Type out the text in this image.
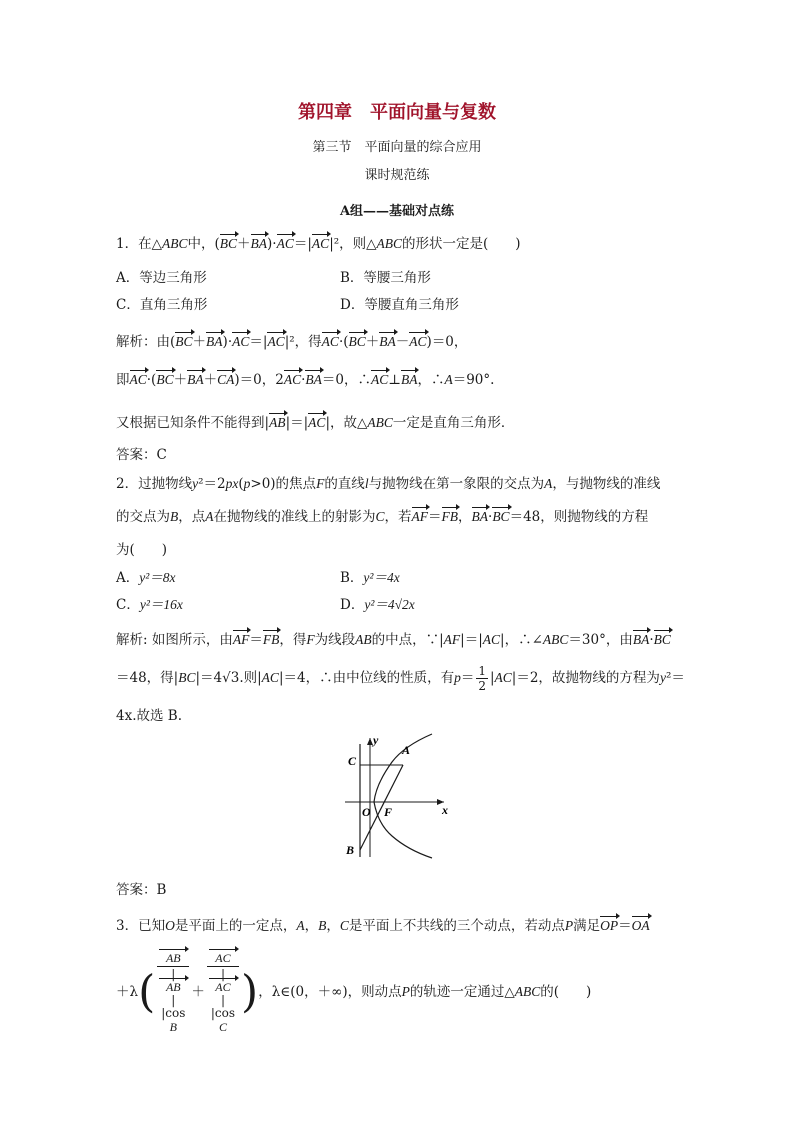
第四章　平面向量与复数
第三节　平面向量的综合应用
课时规范练
A组——基础对点练
1．在△ABC中，(BC＋BA)·AC＝|AC|²，则△ABC的形状一定是(　　)
A．等边三角形	B．等腰三角形
C．直角三角形	D．等腰直角三角形
解析：由(BC＋BA)·AC＝|AC|²，得AC·(BC＋BA－AC)＝0，
即AC·(BC＋BA＋CA)＝0，2AC·BA＝0，∴AC⊥BA，∴A＝90°.
又根据已知条件不能得到|AB|＝|AC|，故△ABC一定是直角三角形．
答案：C
2．过抛物线y²＝2px(p>0)的焦点F的直线l与抛物线在第一象限的交点为A，与抛物线的准线
的交点为B，点A在抛物线的准线上的射影为C，若AF＝FB，BA·BC＝48，则抛物线的方程
为(　　)
A．y²＝8x	B．y²＝4x
C．y²＝16x	D．y²＝4√2x
解析: 如图所示，由AF＝FB，得F为线段AB的中点，∵|AF|＝|AC|，∴∠ABC＝30°，由BA·BC
＝48，得|BC|＝4√3.则|AC|＝4，∴由中位线的性质，有$p= \frac{1}{2} |AC|=2$，故抛物线的方程为y²＝
4x.故选 B.
C
y
A
O F	x
B
答案：B
3．已知O是平面上的一定点，A，B，C是平面上不共线的三个动点，若动点P满足OP＝OA
＋λ( AB
|
AB
|
|cos
B ＋ AC
|
AC
|
|cos
C )，λ∈(0，＋∞)，则动点P的轨迹一定通过△ABC的(　　)
